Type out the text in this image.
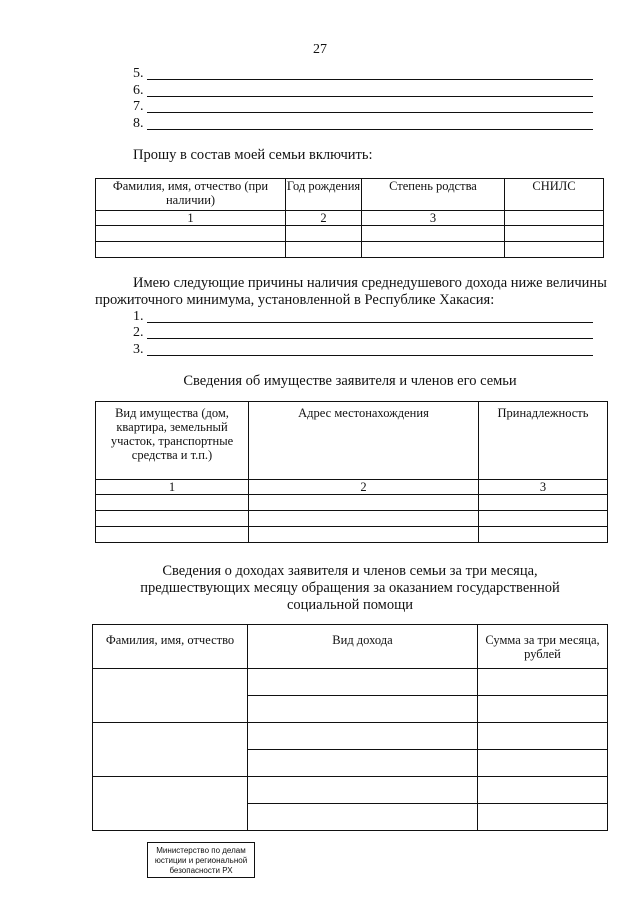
27
5.
6.
7.
8.
Прошу в состав моей семьи включить:
Фамилия, имя, отчество (при наличии)	Год рождения	Степень родства	СНИЛС
1	2	3	

Имею следующие причины наличия среднедушевого дохода ниже величины прожиточного минимума, установленной в Республике Хакасия:
1.
2.
3.
Сведения об имуществе заявителя и членов его семьи
Вид имущества (дом, квартира, земельный участок, транспортные средства и т.п.)	Адрес местонахождения	Принадлежность
1	2	3

Сведения о доходах заявителя и членов семьи за три месяца, предшествующих месяцу обращения за оказанием государственной социальной помощи
Фамилия, имя, отчество	Вид дохода	Сумма за три месяца, рублей

Министерство по делам юстиции и региональной безопасности РХ
